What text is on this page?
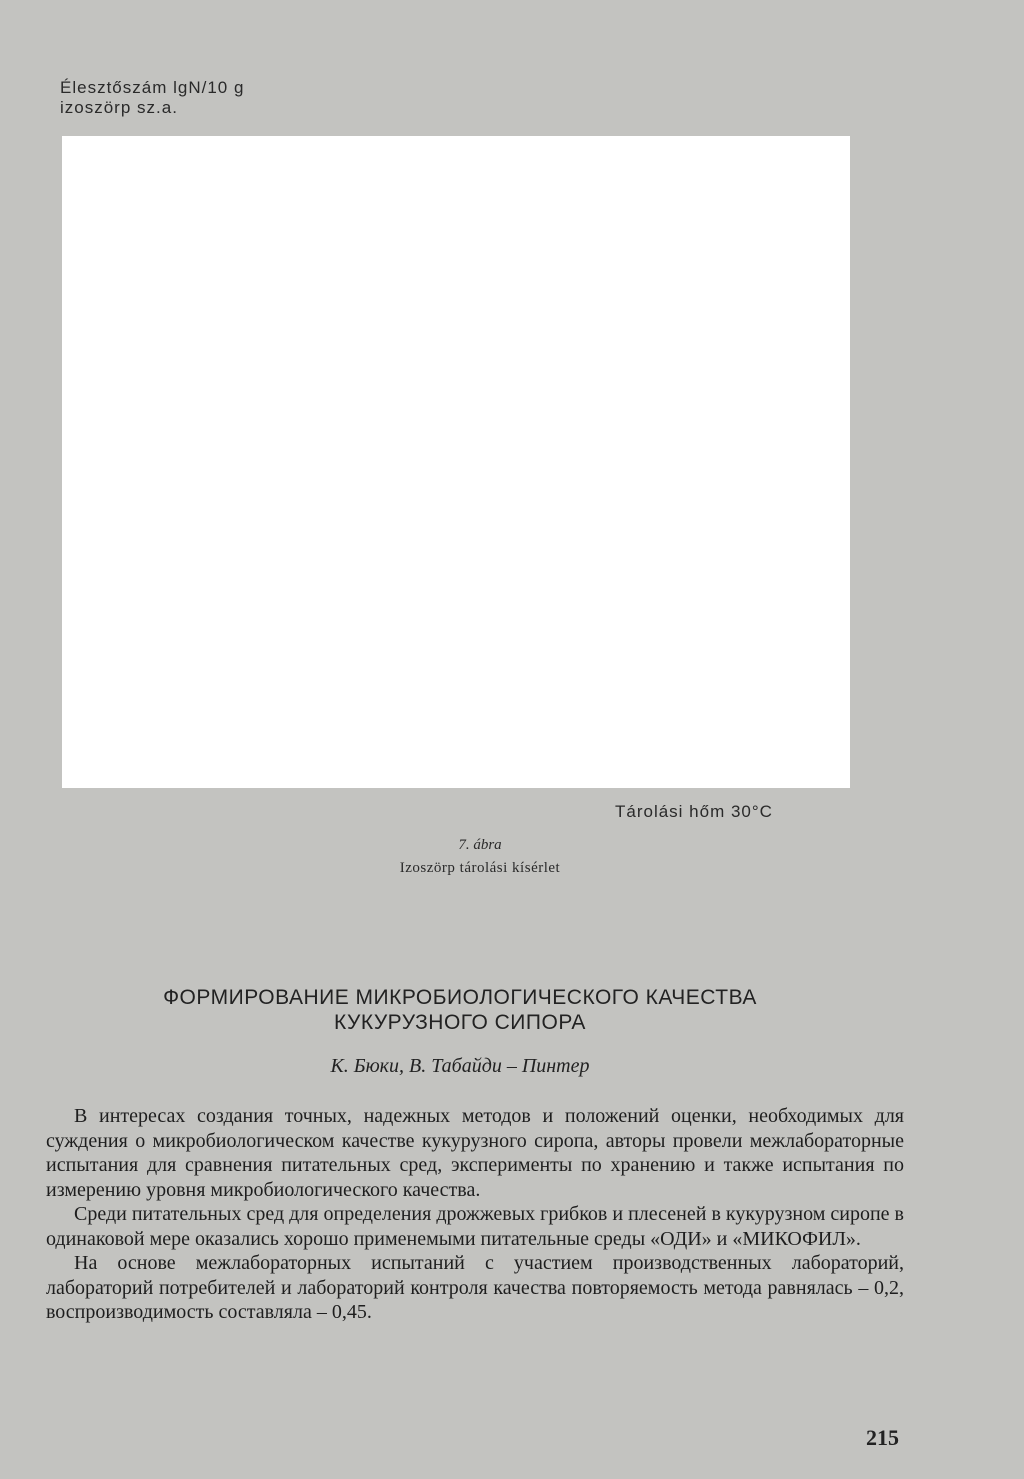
Élesztőszám lgN/10 g
izoszörp sz.a.
Tárolási hőm 30°C
7. ábra
Izoszörp tárolási kísérlet
ФОРМИРОВАНИЕ МИКРОБИОЛОГИЧЕСКОГО КАЧЕСТВА
КУКУРУЗНОГО СИПОРА
К. Бюки, В. Табайди – Пинтер

В интересах создания точных, надежных методов и положений оценки, необходимых для суждения о микробиологическом качестве кукурузного сиропа, авторы провели межлабораторные испытания для сравнения питательных сред, эксперименты по хранению и также испытания по измерению уровня микробиологического качества.

Среди питательных сред для определения дрожжевых грибков и плесеней в кукурузном сиропе в одинаковой мере оказались хорошо применемыми питательные среды «ОДИ» и «МИКОФИЛ».

На основе межлабораторных испытаний с участием производственных лабораторий, лабораторий потребителей и лабораторий контроля качества повторяемость метода равнялась – 0,2, воспроизводимость составляла – 0,45.

215
